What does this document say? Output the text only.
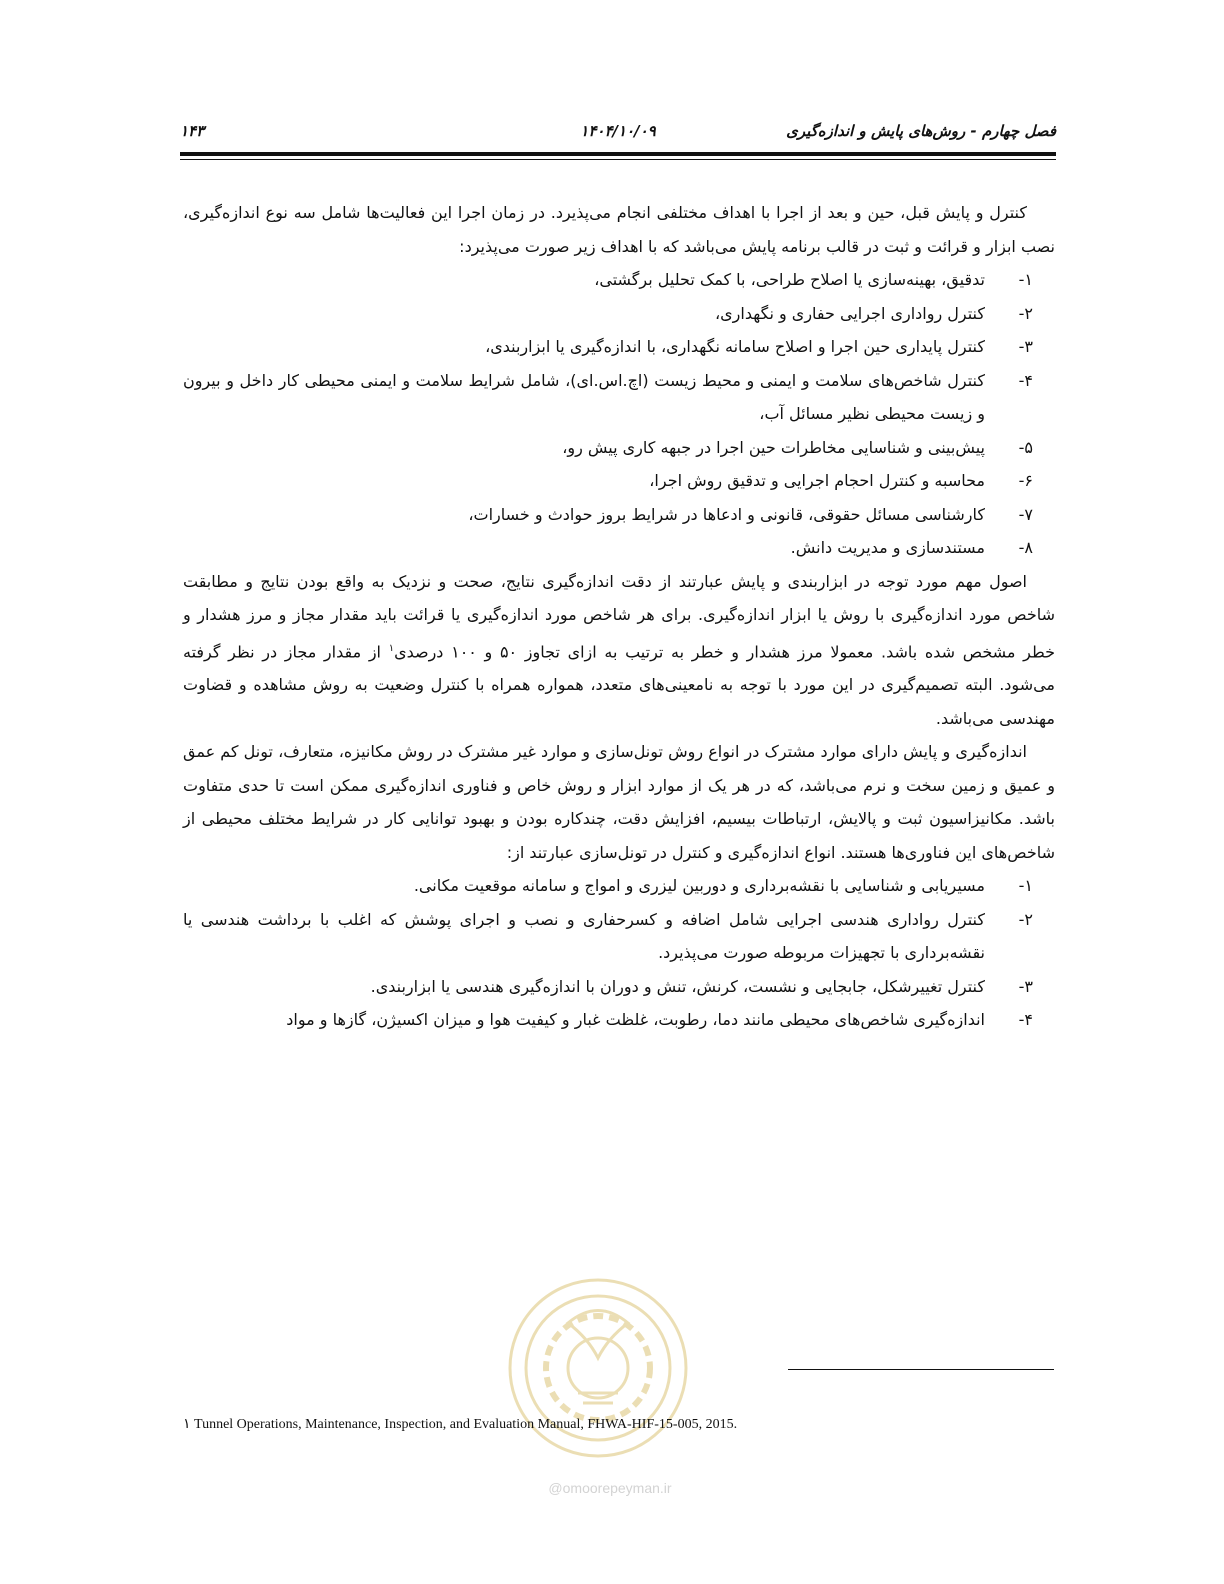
فصل چهارم - روش‌های پایش و اندازه‌گیری
۱۴۰۴/۱۰/۰۹
۱۴۳

کنترل و پایش قبل، حین و بعد از اجرا با اهداف مختلفی انجام می‌پذیرد. در زمان اجرا این فعالیت‌ها شامل سه نوع اندازه‌گیری، نصب ابزار و قرائت و ثبت در قالب برنامه پایش می‌باشد که با اهداف زیر صورت می‌پذیرد:

۱-
تدقیق، بهینه‌سازی یا اصلاح طراحی، با کمک تحلیل برگشتی،
۲-
کنترل رواداری اجرایی حفاری و نگهداری،
۳-
کنترل پایداری حین اجرا و اصلاح سامانه نگهداری، با اندازه‌گیری یا ابزاربندی،
۴-
کنترل شاخص‌های سلامت و ایمنی و محیط زیست (اچ.اس.ای)، شامل شرایط سلامت و ایمنی محیطی کار داخل و بیرون و زیست محیطی نظیر مسائل آب،
۵-
پیش‌بینی و شناسایی مخاطرات حین اجرا در جبهه کاری پیش رو،
۶-
محاسبه و کنترل احجام اجرایی و تدقیق روش اجرا،
۷-
کارشناسی مسائل حقوقی، قانونی و ادعاها در شرایط بروز حوادث و خسارات،
۸-
مستندسازی و مدیریت دانش.

اصول مهم مورد توجه در ابزاربندی و پایش عبارتند از دقت اندازه‌گیری نتایج، صحت و نزدیک به واقع بودن نتایج و مطابقت شاخص مورد اندازه‌گیری با روش یا ابزار اندازه‌گیری. برای هر شاخص مورد اندازه‌گیری یا قرائت باید مقدار مجاز و مرز هشدار و خطر مشخص شده باشد. معمولا مرز هشدار و خطر به ترتیب به ازای تجاوز ۵۰ و ۱۰۰ درصدی$^۱$ از مقدار مجاز در نظر گرفته می‌شود. البته تصمیم‌گیری در این مورد با توجه به نامعینی‌های متعدد، همواره همراه با کنترل وضعیت به روش مشاهده و قضاوت مهندسی می‌باشد.

اندازه‌گیری و پایش دارای موارد مشترک در انواع روش تونل‌سازی و موارد غیر مشترک در روش مکانیزه، متعارف، تونل کم عمق و عمیق و زمین سخت و نرم می‌باشد، که در هر یک از موارد ابزار و روش خاص و فناوری اندازه‌گیری ممکن است تا حدی متفاوت باشد. مکانیزاسیون ثبت و پالایش، ارتباطات بیسیم، افزایش دقت، چندکاره بودن و بهبود توانایی کار در شرایط مختلف محیطی از شاخص‌های این فناوری‌ها هستند. انواع اندازه‌گیری و کنترل در تونل‌سازی عبارتند از:

۱-
مسیریابی و شناسایی با نقشه‌برداری و دوربین لیزری و امواج و سامانه موقعیت مکانی.
۲-
کنترل رواداری هندسی اجرایی شامل اضافه و کسرحفاری و نصب و اجرای پوشش که اغلب با برداشت هندسی یا نقشه‌برداری با تجهیزات مربوطه صورت می‌پذیرد.
۳-
کنترل تغییرشکل، جابجایی و نشست، کرنش، تنش و دوران با اندازه‌گیری هندسی یا ابزاربندی.
۴-
اندازه‌گیری شاخص‌های محیطی مانند دما، رطوبت، غلظت غبار و کیفیت هوا و میزان اکسیژن، گازها و مواد
@omoorepeyman.ir
۱ Tunnel Operations, Maintenance, Inspection, and Evaluation Manual, FHWA-HIF-15-005, 2015.
